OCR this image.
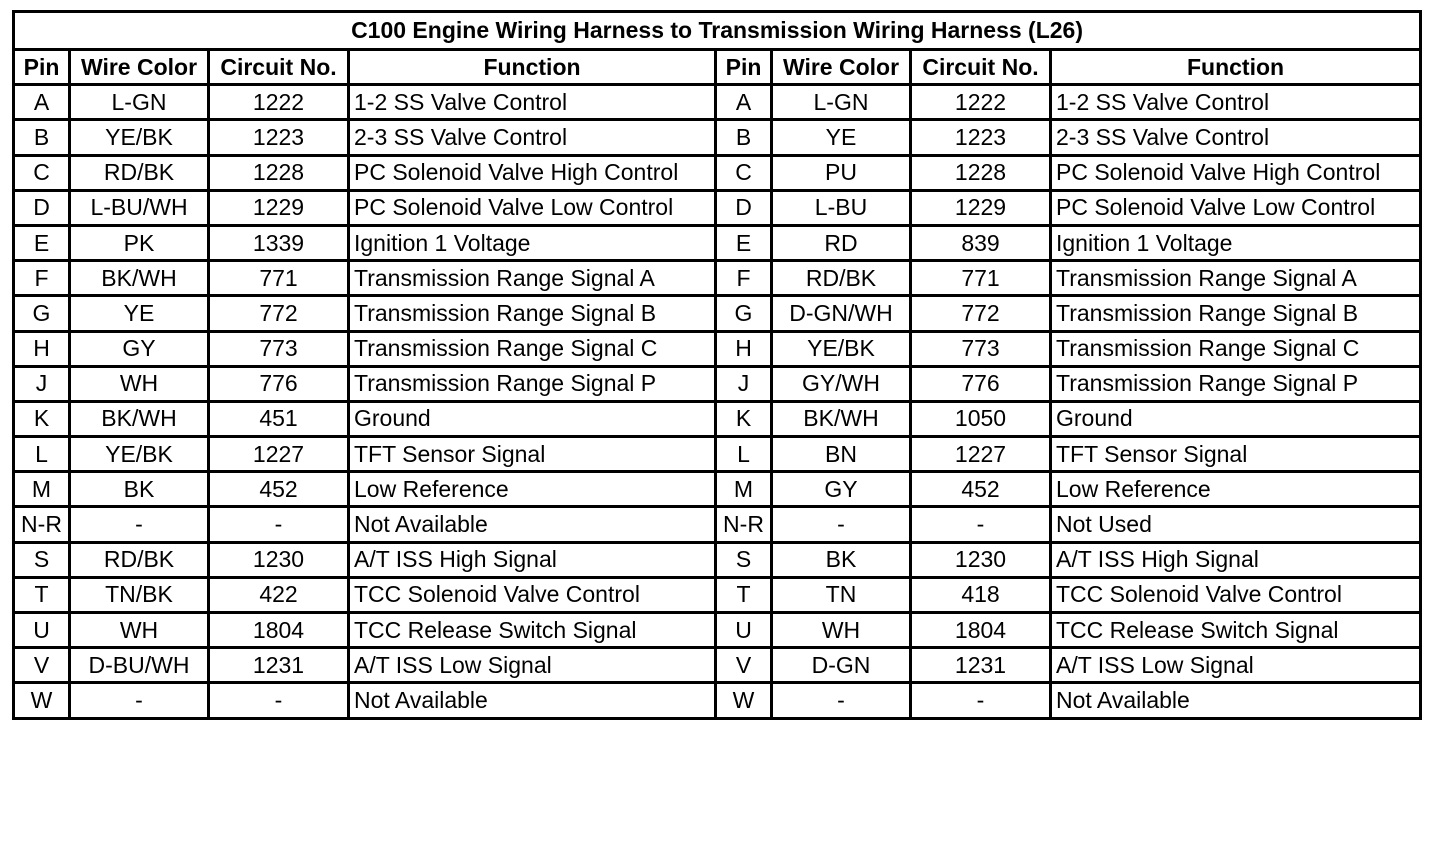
C100 Engine Wiring Harness to Transmission Wiring Harness (L26)							
Pin	Wire Color	Circuit No.	Function	Pin	Wire Color	Circuit No.	Function
A	L-GN	1222	1-2 SS Valve Control	A	L-GN	1222	1-2 SS Valve Control
B	YE/BK	1223	2-3 SS Valve Control	B	YE	1223	2-3 SS Valve Control
C	RD/BK	1228	PC Solenoid Valve High Control	C	PU	1228	PC Solenoid Valve High Control
D	L-BU/WH	1229	PC Solenoid Valve Low Control	D	L-BU	1229	PC Solenoid Valve Low Control
E	PK	1339	Ignition 1 Voltage	E	RD	839	Ignition 1 Voltage
F	BK/WH	771	Transmission Range Signal A	F	RD/BK	771	Transmission Range Signal A
G	YE	772	Transmission Range Signal B	G	D-GN/WH	772	Transmission Range Signal B
H	GY	773	Transmission Range Signal C	H	YE/BK	773	Transmission Range Signal C
J	WH	776	Transmission Range Signal P	J	GY/WH	776	Transmission Range Signal P
K	BK/WH	451	Ground	K	BK/WH	1050	Ground
L	YE/BK	1227	TFT Sensor Signal	L	BN	1227	TFT Sensor Signal
M	BK	452	Low Reference	M	GY	452	Low Reference
N-R	-	-	Not Available	N-R	-	-	Not Used
S	RD/BK	1230	A/T ISS High Signal	S	BK	1230	A/T ISS High Signal
T	TN/BK	422	TCC Solenoid Valve Control	T	TN	418	TCC Solenoid Valve Control
U	WH	1804	TCC Release Switch Signal	U	WH	1804	TCC Release Switch Signal
V	D-BU/WH	1231	A/T ISS Low Signal	V	D-GN	1231	A/T ISS Low Signal
W	-	-	Not Available	W	-	-	Not Available
